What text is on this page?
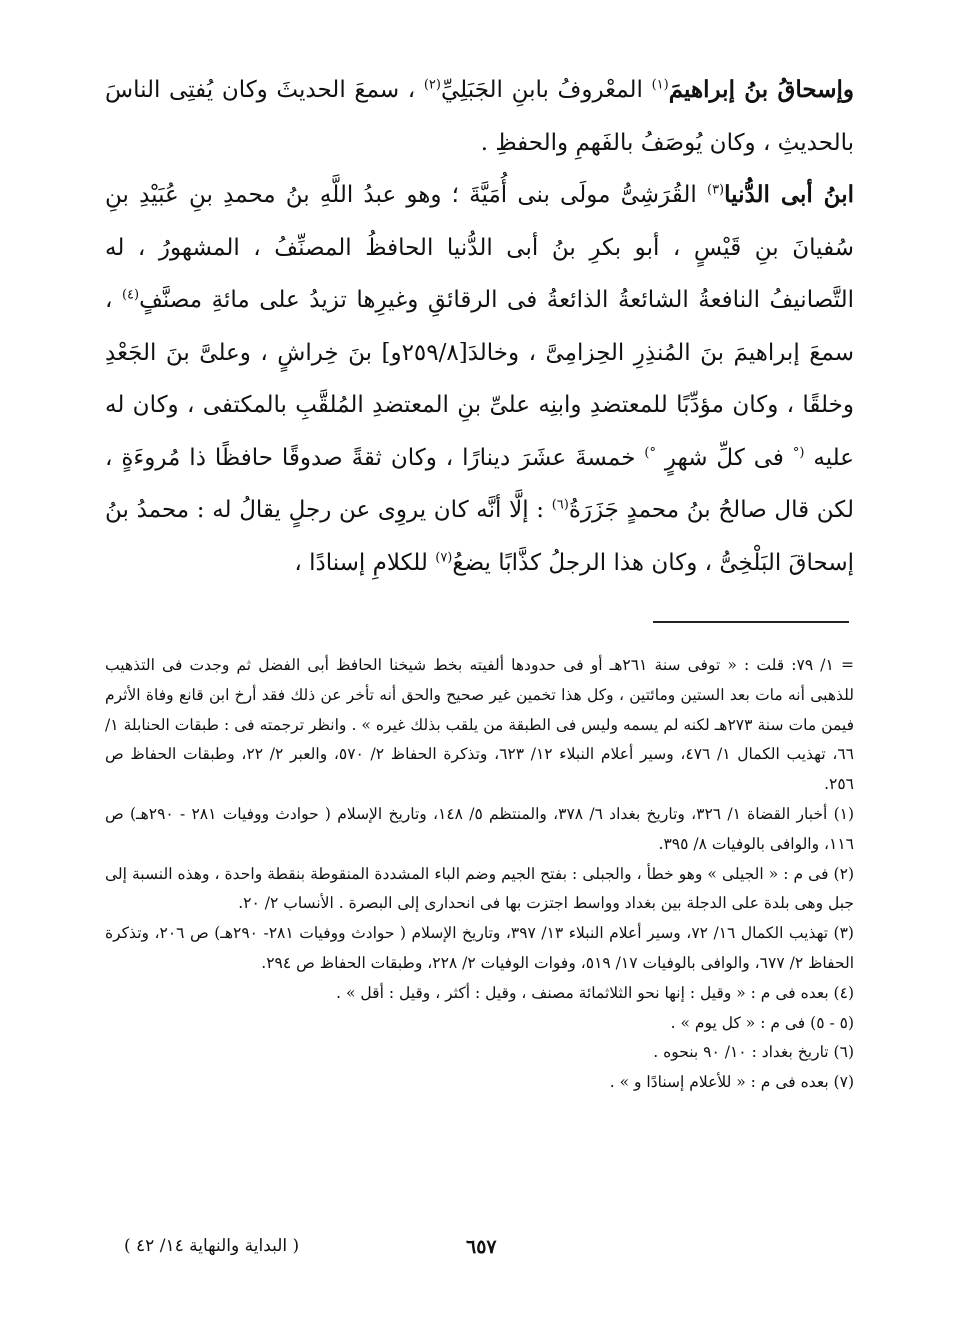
وإسحاقُ بنُ إبراهيمَ$^{(١)}$ المعْروفُ بابنِ الجَبَلِيِّ$^{(٢)}$ ، سمعَ الحديثَ وكان يُفتِى الناسَ بالحديثِ ، وكان يُوصَفُ بالفَهمِ والحفظِ .

ابنُ أبى الدُّنيا$^{(٣)}$ القُرَشِىُّ مولَى بنى أُمَيَّةَ ؛ وهو عبدُ اللَّهِ بنُ محمدِ بنِ عُبَيْدِ بنِ سُفيانَ بنِ قَيْسٍ ، أبو بكرِ بنُ أبى الدُّنيا الحافظُ المصنِّفُ ، المشهورُ ، له التَّصانيفُ النافعةُ الشائعةُ الذائعةُ فى الرقائقِ وغيرِها تزيدُ على مائةِ مصنَّفٍ$^{(٤)}$ ، سمعَ إبراهيمَ بنَ المُنذِرِ الحِزامِىَّ ، وخالدَ[٢٥٩/٨و] بنَ خِراشٍ ، وعلىَّ بنَ الجَعْدِ وخلقًا ، وكان مؤدِّبًا للمعتضدِ وابنِه علىِّ بنِ المعتضدِ المُلقَّبِ بالمكتفى ، وكان له عليه (° فى كلِّ شهرٍ °) خمسةَ عشَرَ دينارًا ، وكان ثقةً صدوقًا حافظًا ذا مُروءَةٍ ، لكن قال صالحُ بنُ محمدٍ جَزَرَةُ$^{(٦)}$ : إلَّا أنَّه كان يروِى عن رجلٍ يقالُ له : محمدُ بنُ إسحاقَ البَلْخِىُّ ، وكان هذا الرجلُ كذَّابًا يضعُ$^{(٧)}$ للكلامِ إسنادًا ،

= ١/ ٧٩: قلت : « توفى سنة ٢٦١هـ أو فى حدودها ألفيته بخط شيخنا الحافظ أبى الفضل ثم وجدت فى التذهيب للذهبى أنه مات بعد الستين ومائتين ، وكل هذا تخمين غير صحيح والحق أنه تأخر عن ذلك فقد أرخ ابن قانع وفاة الأثرم فيمن مات سنة ٢٧٣هـ لكنه لم يسمه وليس فى الطبقة من يلقب بذلك غيره » . وانظر ترجمته فى : طبقات الحنابلة ١/ ٦٦، تهذيب الكمال ١/ ٤٧٦، وسير أعلام النبلاء ١٢/ ٦٢٣، وتذكرة الحفاظ ٢/ ٥٧٠، والعبر ٢/ ٢٢، وطبقات الحفاظ ص ٢٥٦.

(١) أخبار القضاة ١/ ٣٢٦، وتاريخ بغداد ٦/ ٣٧٨، والمنتظم ٥/ ١٤٨، وتاريخ الإسلام ( حوادث ووفيات ٢٨١ - ٢٩٠هـ) ص ١١٦، والوافى بالوفيات ٨/ ٣٩٥.

(٢) فى م : « الجيلى » وهو خطأ ، والجبلى : بفتح الجيم وضم الباء المشددة المنقوطة بنقطة واحدة ، وهذه النسبة إلى جبل وهى بلدة على الدجلة بين بغداد وواسط اجتزت بها فى انحدارى إلى البصرة . الأنساب ٢/ ٢٠.

(٣) تهذيب الكمال ١٦/ ٧٢، وسير أعلام النبلاء ١٣/ ٣٩٧، وتاريخ الإسلام ( حوادث ووفيات ٢٨١- ٢٩٠هـ) ص ٢٠٦، وتذكرة الحفاظ ٢/ ٦٧٧، والوافى بالوفيات ١٧/ ٥١٩، وفوات الوفيات ٢/ ٢٢٨، وطبقات الحفاظ ص ٢٩٤.

(٤) بعده فى م : « وقيل : إنها نحو الثلاثمائة مصنف ، وقيل : أكثر ، وقيل : أقل » .

(٥ - ٥) فى م : « كل يوم » .

(٦) تاريخ بغداد : ١٠/ ٩٠ بنحوه .

(٧) بعده فى م : « للأعلام إسنادًا و » .

٦٥٧
( البداية والنهاية ١٤/ ٤٢ )
